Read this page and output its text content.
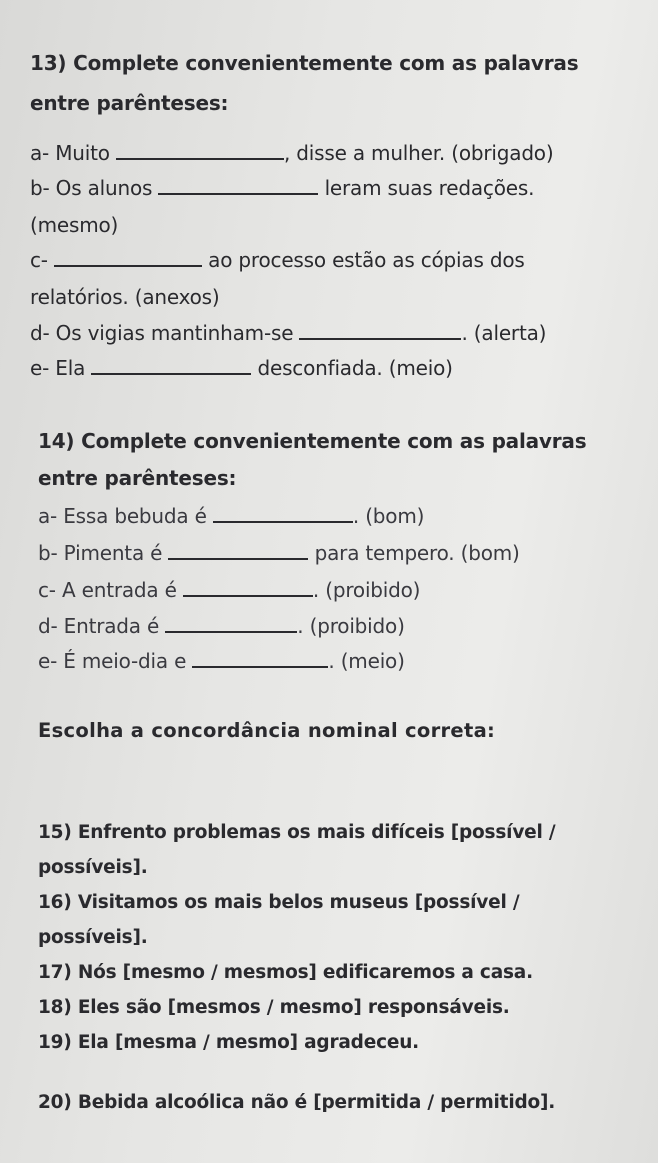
13) Complete convenientemente com as palavras
entre parênteses:
a- Muito	, disse a mulher. (obrigado)
b- Os alunos	leram suas redações.
(mesmo)
c-	ao processo estão as cópias dos
relatórios. (anexos)
d- Os vigias mantinham-se	. (alerta)
e- Ela	desconfiada. (meio)
14) Complete convenientemente com as palavras
entre parênteses:
a- Essa bebuda é	. (bom)
b- Pimenta é	para tempero. (bom)
c- A entrada é	. (proibido)
d- Entrada é	. (proibido)
e- É meio-dia e	. (meio)
Escolha a concordância nominal correta:
15) Enfrento problemas os mais difíceis [possível /
possíveis].
16) Visitamos os mais belos museus [possível /
possíveis].
17) Nós [mesmo / mesmos] edificaremos a casa.
18) Eles são [mesmos / mesmo] responsáveis.
19) Ela [mesma / mesmo] agradeceu.
20) Bebida alcoólica não é [permitida / permitido].
